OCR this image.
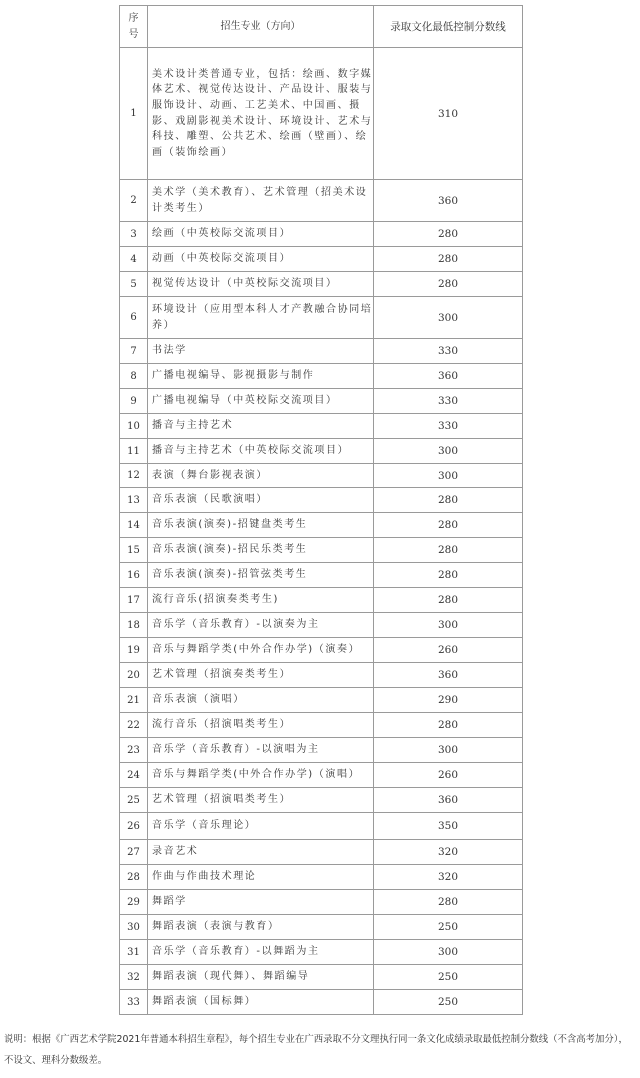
序
号	招生专业（方向）	录取文化最低控制分数线
1	美术设计类普通专业，包括：绘画、数字媒体艺术、视觉传达设计、产品设计、服装与服饰设计、动画、工艺美术、中国画、摄影、戏剧影视美术设计、环境设计、艺术与科技、雕塑、公共艺术、绘画（壁画）、绘画（装饰绘画）	310
2	美术学（美术教育）、艺术管理（招美术设计类考生）	360
3	绘画（中英校际交流项目）	280
4	动画（中英校际交流项目）	280
5	视觉传达设计（中英校际交流项目）	280
6	环境设计（应用型本科人才产教融合协同培养）	300
7	书法学	330
8	广播电视编导、影视摄影与制作	360
9	广播电视编导（中英校际交流项目）	330
10	播音与主持艺术	330
11	播音与主持艺术（中英校际交流项目）	300
12	表演（舞台影视表演）	300
13	音乐表演（民歌演唱）	280
14	音乐表演(演奏)-招键盘类考生	280
15	音乐表演(演奏)-招民乐类考生	280
16	音乐表演(演奏)-招管弦类考生	280
17	流行音乐(招演奏类考生)	280
18	音乐学（音乐教育）-以演奏为主	300
19	音乐与舞蹈学类(中外合作办学)（演奏）	260
20	艺术管理（招演奏类考生）	360
21	音乐表演（演唱）	290
22	流行音乐（招演唱类考生）	280
23	音乐学（音乐教育）-以演唱为主	300
24	音乐与舞蹈学类(中外合作办学)（演唱）	260
25	艺术管理（招演唱类考生）	360
26	音乐学（音乐理论）	350
27	录音艺术	320
28	作曲与作曲技术理论	320
29	舞蹈学	280
30	舞蹈表演（表演与教育）	250
31	音乐学（音乐教育）-以舞蹈为主	300
32	舞蹈表演（现代舞）、舞蹈编导	250
33	舞蹈表演（国标舞）	250
说明：根据《广西艺术学院2021年普通本科招生章程》，每个招生专业在广西录取不分文理执行同一条文化成绩录取最低控制分数线（不含高考加分），不设文、理科分数级差。
